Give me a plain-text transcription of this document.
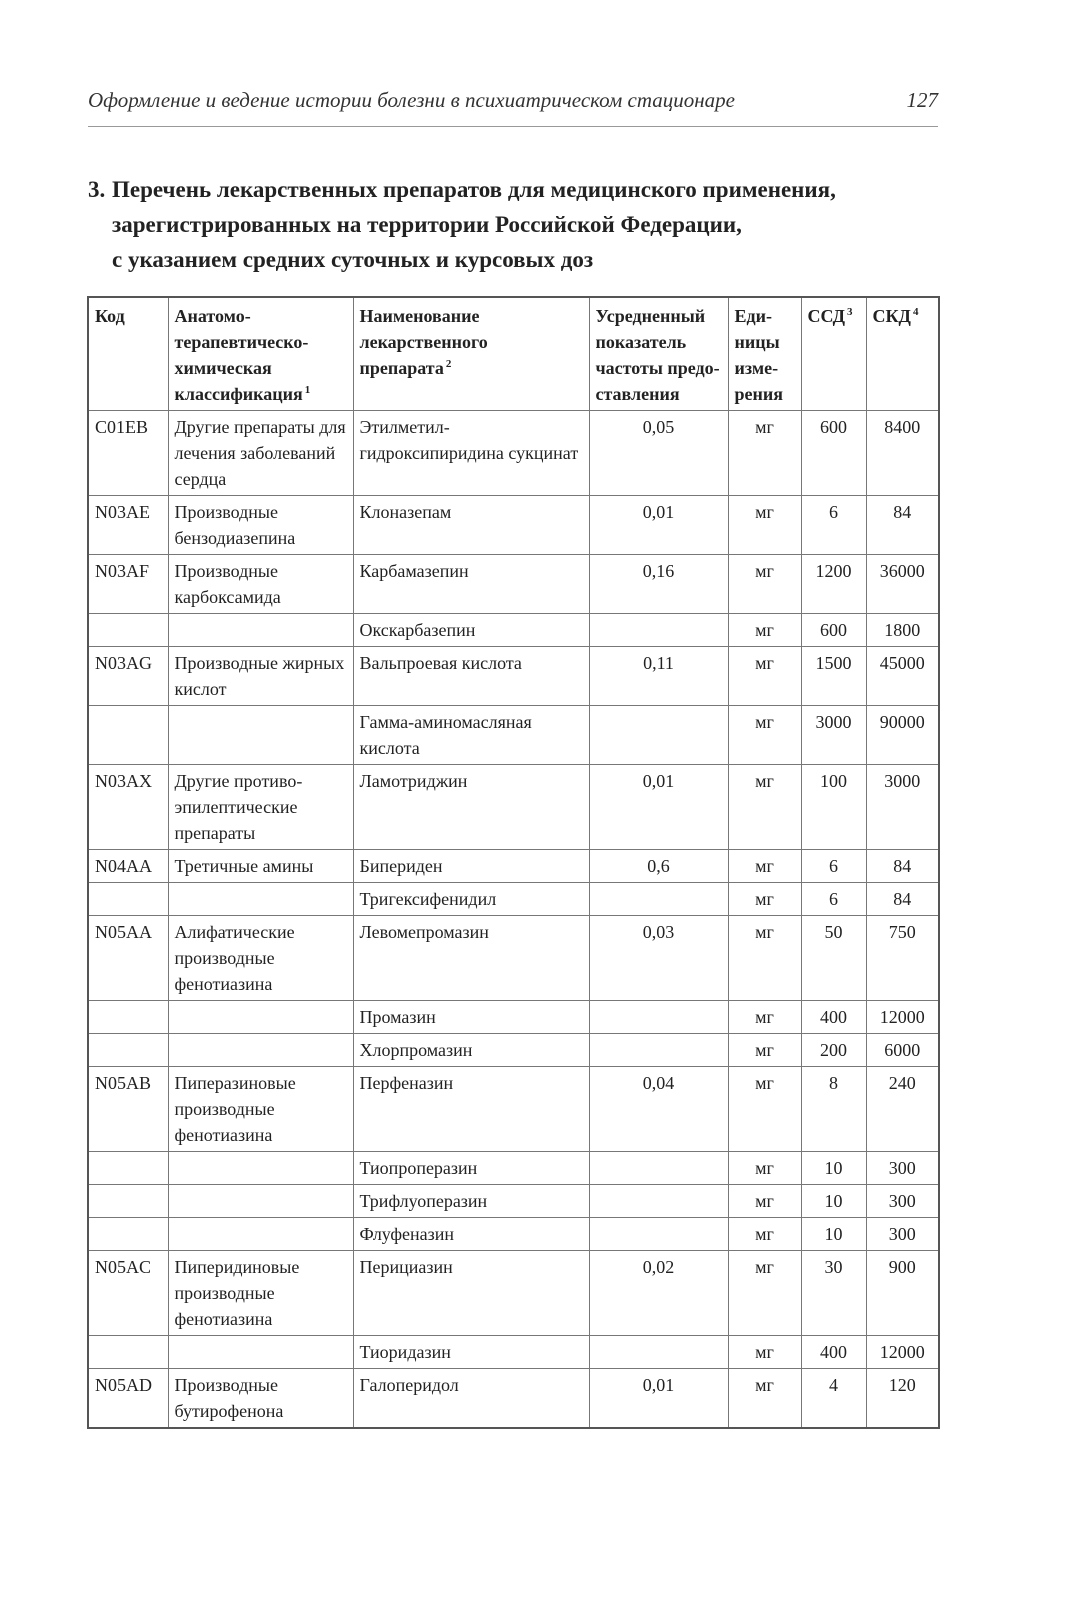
Оформление и ведение истории болезни в психиатрическом стационаре	127
3. Перечень лекарственных препаратов для медицинского применения,
зарегистрированных на территории Российской Федерации,
с указанием средних суточных и курсовых доз
Код	Анатомо-терапевтическо-химическая классификация $^1$	Наименование лекарственного препарата $^2$	Усредненный показатель частоты предо-ставления	Еди-ницы изме-рения	ССД $^3$	СКД $^4$
C01EB	Другие препараты для лечения заболеваний сердца	Этилметил-гидроксипиридина сукцинат	0,05	мг	600	8400
N03AE	Производные бензодиазепина	Клоназепам	0,01	мг	6	84
N03AF	Производные карбоксамида	Карбамазепин	0,16	мг	1200	36000
		Окскарбазепин		мг	600	1800
N03AG	Производные жирных кислот	Вальпроевая кислота	0,11	мг	1500	45000
		Гамма-аминомасляная кислота		мг	3000	90000
N03AX	Другие противо-эпилептические препараты	Ламотриджин	0,01	мг	100	3000
N04AA	Третичные амины	Бипериден	0,6	мг	6	84
		Тригексифенидил		мг	6	84
N05AA	Алифатические производные фенотиазина	Левомепромазин	0,03	мг	50	750
		Промазин		мг	400	12000
		Хлорпромазин		мг	200	6000
N05AB	Пиперазиновые производные фенотиазина	Перфеназин	0,04	мг	8	240
		Тиопроперазин		мг	10	300
		Трифлуоперазин		мг	10	300
		Флуфеназин		мг	10	300
N05AC	Пиперидиновые производные фенотиазина	Перициазин	0,02	мг	30	900
		Тиоридазин		мг	400	12000
N05AD	Производные бутирофенона	Галоперидол	0,01	мг	4	120
